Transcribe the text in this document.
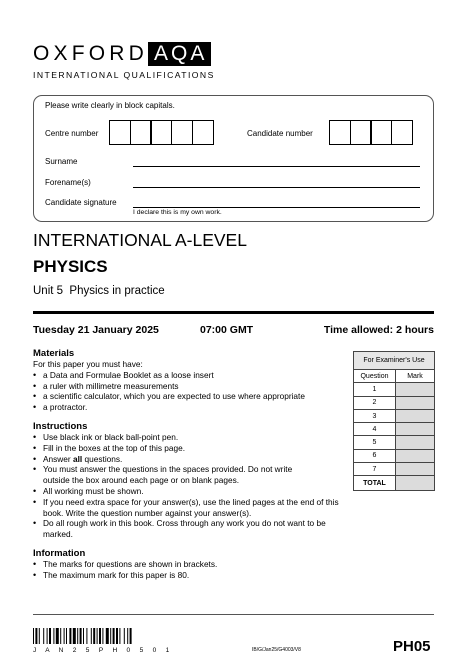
OXFORD AQA
INTERNATIONAL QUALIFICATIONS
Please write clearly in block capitals.
Centre number	Candidate number
Surname
Forename(s)
Candidate signature
I declare this is my own work.
INTERNATIONAL A-LEVEL
PHYSICS
Unit 5  Physics in practice
Tuesday 21 January 2025	07:00 GMT	Time allowed: 2 hours
Materials
For this paper you must have:
• a Data and Formulae Booklet as a loose insert
• a ruler with millimetre measurements
• a scientific calculator, which you are expected to use where appropriate
• a protractor.
Instructions
• Use black ink or black ball-point pen.
• Fill in the boxes at the top of this page.
• Answer all questions.
• You must answer the questions in the spaces provided. Do not write outside the box around each page or on blank pages.
• All working must be shown.
• If you need extra space for your answer(s), use the lined pages at the end of this book. Write the question number against your answer(s).
• Do all rough work in this book. Cross through any work you do not want to be marked.
Information
• The marks for questions are shown in brackets.
• The maximum mark for this paper is 80.
For Examiner's Use	
Question	Mark
1	
2	
3	
4	
5	
6	
7	
TOTAL	
J A N 2 5 P H 0 5 0 1	IB/G/Jan25/G4003/V8	PH05
